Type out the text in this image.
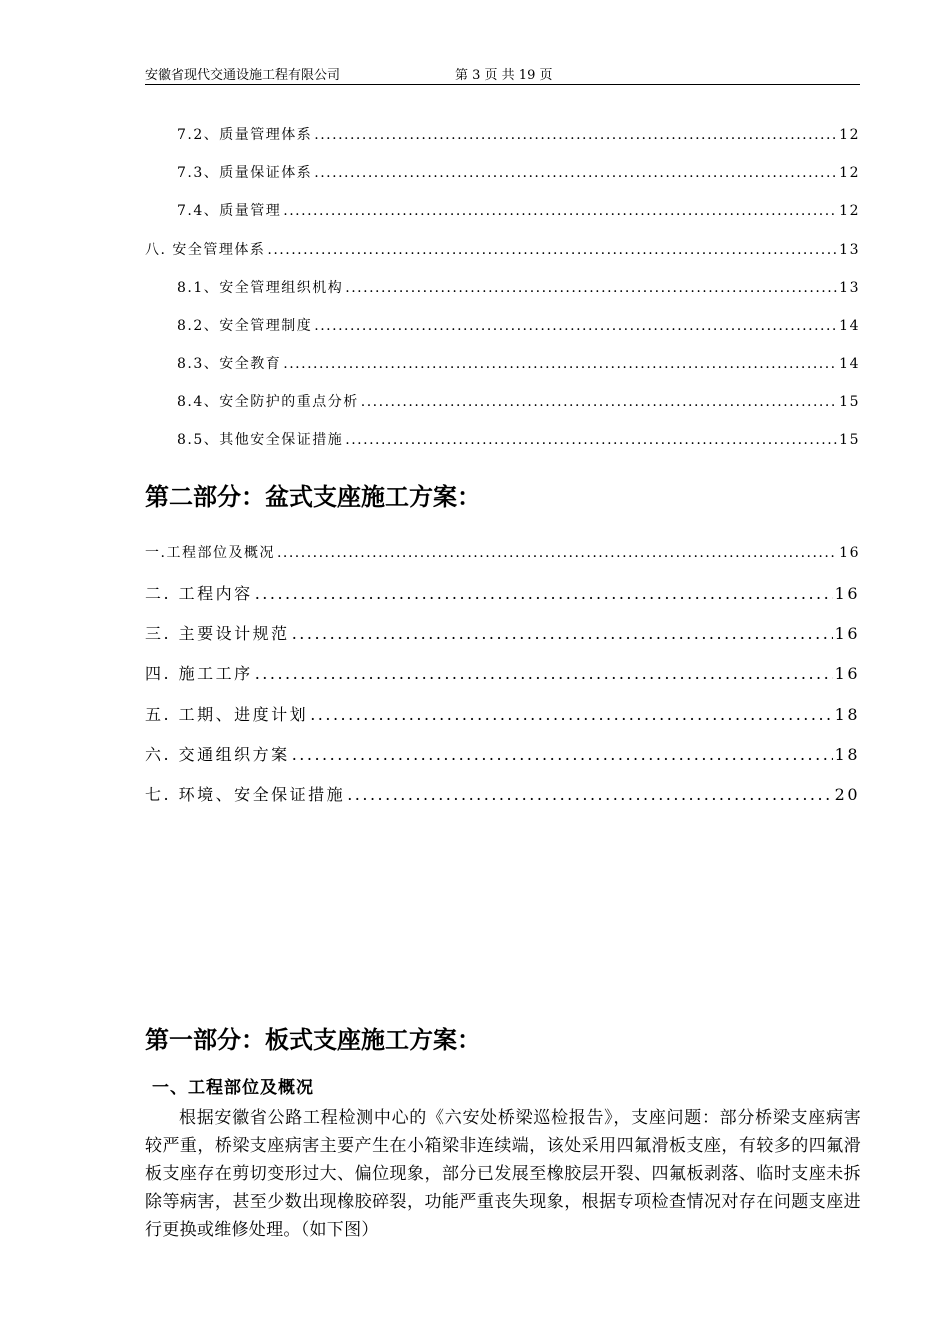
安徽省现代交通设施工程有限公司	第 3 页 共 19 页
7.2、质量管理体系 .....	12
7.3、质量保证体系 .....	12
7.4、质量管理 .....	12
八. 安全管理体系 .....	13
8.1、安全管理组织机构 .....	13
8.2、安全管理制度 .....	14
8.3、安全教育 .....	14
8.4、安全防护的重点分析 .....	15
8.5、其他安全保证措施 .....	15
第二部分：盆式支座施工方案：
一.工程部位及概况 .....	16
二. 工程内容 .....	16
三. 主要设计规范 .....	16
四. 施工工序 .....	16
五. 工期、进度计划 .....	18
六. 交通组织方案 .....	18
七. 环境、安全保证措施 .....	20
第一部分：板式支座施工方案：
一、工程部位及概况
根据安徽省公路工程检测中心的《六安处桥梁巡检报告》，支座问题：部分桥梁支座病害较严重，桥梁支座病害主要产生在小箱梁非连续端，该处采用四氟滑板支座，有较多的四氟滑板支座存在剪切变形过大、偏位现象，部分已发展至橡胶层开裂、四氟板剥落、临时支座未拆除等病害，甚至少数出现橡胶碎裂，功能严重丧失现象，根据专项检查情况对存在问题支座进行更换或维修处理。（如下图）
